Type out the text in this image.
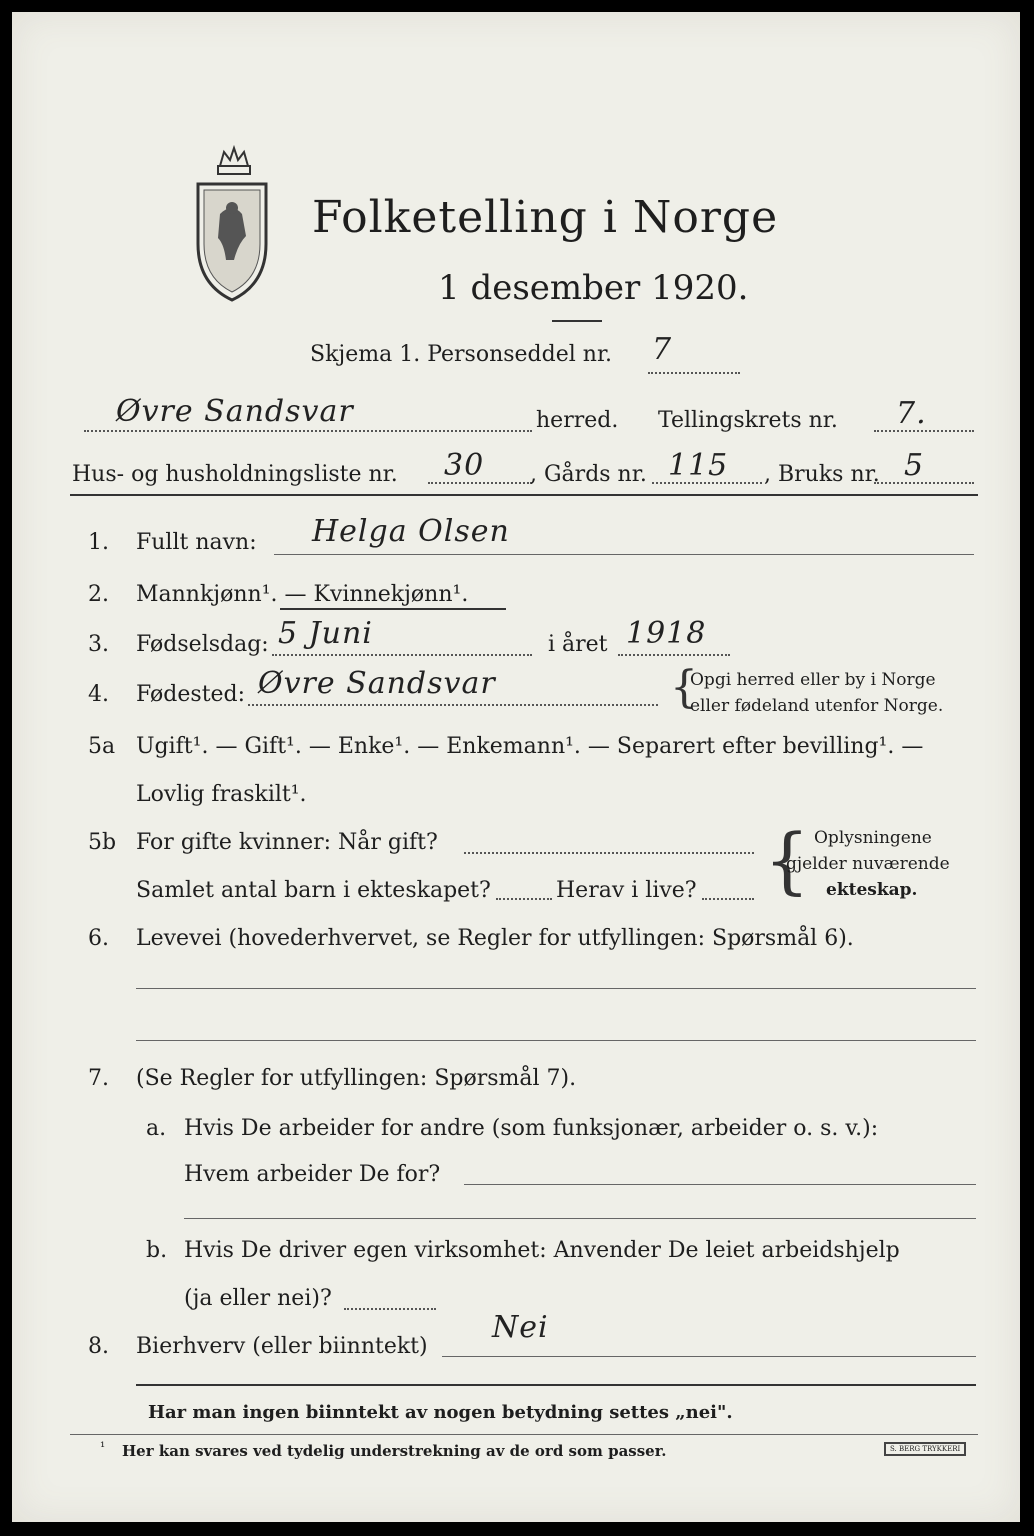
Folketelling i Norge
1 desember 1920.
Skjema 1. Personseddel nr. 7
Øvre Sandsvar	herred. Tellingskrets nr. 7.
Hus- og husholdningsliste nr. 30 , Gårds nr. 115 , Bruks nr. 5
1. Fullt navn: Helga Olsen
2. Mannkjønn¹. — Kvinnekjønn¹.
3. Fødselsdag: 5 Juni	i året 1918
4. Fødested: Øvre Sandsvar	{
Opgi herred eller by i Norge
eller fødeland utenfor Norge.
5a Ugift¹. — Gift¹. — Enke¹. — Enkemann¹. — Separert efter bevilling¹. —
Lovlig fraskilt¹.
5b For gifte kvinner: Når gift?
Samlet antal barn i ekteskapet?	Herav i live? { Oplysningene
gjelder nuværende
ekteskap.
6. Levevei (hovederhvervet, se Regler for utfyllingen: Spørsmål 6).
7. (Se Regler for utfyllingen: Spørsmål 7).
a. Hvis De arbeider for andre (som funksjonær, arbeider o. s. v.):
Hvem arbeider De for?
b. Hvis De driver egen virksomhet: Anvender De leiet arbeidshjelp
(ja eller nei)?
8. Bierhverv (eller biinntekt)
Nei
Har man ingen biinntekt av nogen betydning settes „nei".
¹ Her kan svares ved tydelig understrekning av de ord som passer.	S. BERG TRYKKERI
